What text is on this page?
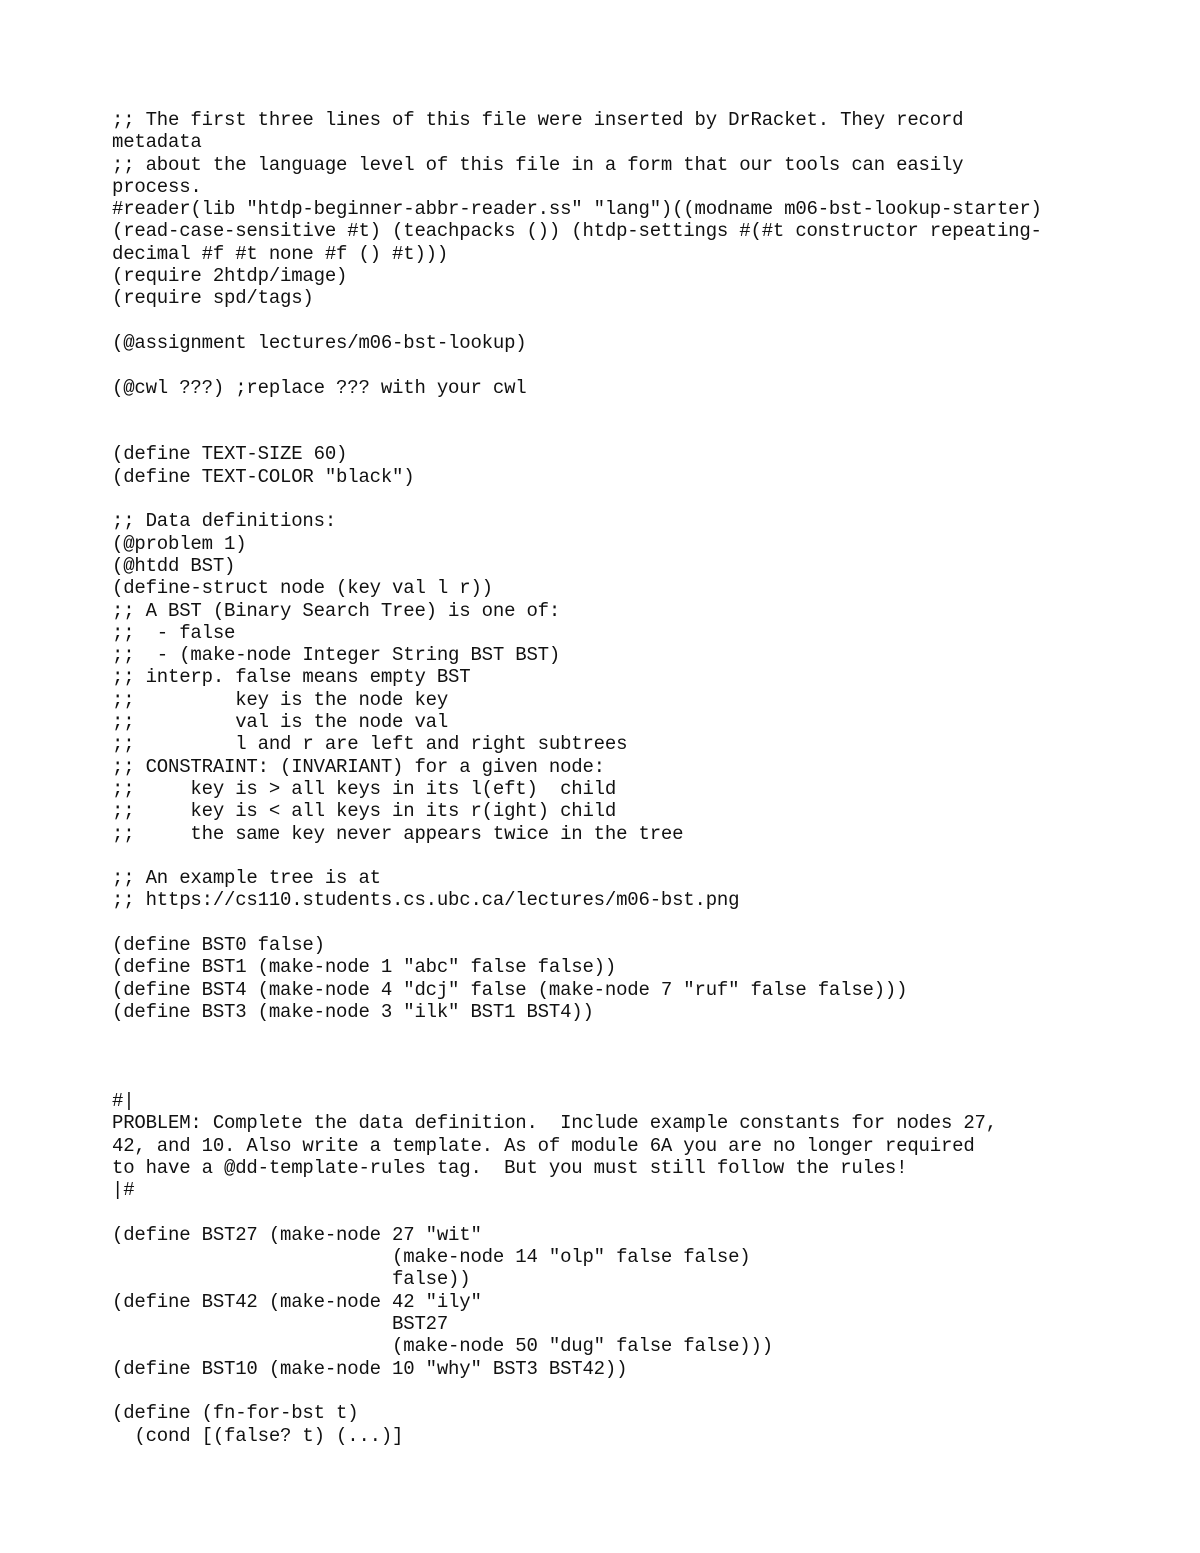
;; The first three lines of this file were inserted by DrRacket. They record
metadata
;; about the language level of this file in a form that our tools can easily
process.
#reader(lib "htdp-beginner-abbr-reader.ss" "lang")((modname m06-bst-lookup-starter)
(read-case-sensitive #t) (teachpacks ()) (htdp-settings #(#t constructor repeating-
decimal #f #t none #f () #t)))
(require 2htdp/image)
(require spd/tags)
(@assignment lectures/m06-bst-lookup)
(@cwl ???) ;replace ??? with your cwl
(define TEXT-SIZE 60)
(define TEXT-COLOR "black")
;; Data definitions:
(@problem 1)
(@htdd BST)
(define-struct node (key val l r))
;; A BST (Binary Search Tree) is one of:
;;  - false
;;  - (make-node Integer String BST BST)
;; interp. false means empty BST
;;         key is the node key
;;         val is the node val
;;         l and r are left and right subtrees
;; CONSTRAINT: (INVARIANT) for a given node:
;;     key is > all keys in its l(eft)  child
;;     key is < all keys in its r(ight) child
;;     the same key never appears twice in the tree
;; An example tree is at
;; https://cs110.students.cs.ubc.ca/lectures/m06-bst.png
(define BST0 false)
(define BST1 (make-node 1 "abc" false false))
(define BST4 (make-node 4 "dcj" false (make-node 7 "ruf" false false)))
(define BST3 (make-node 3 "ilk" BST1 BST4))
#|
PROBLEM: Complete the data definition.  Include example constants for nodes 27,
42, and 10. Also write a template. As of module 6A you are no longer required
to have a @dd-template-rules tag.  But you must still follow the rules!
|#
(define BST27 (make-node 27 "wit"
(make-node 14 "olp" false false)
false))
(define BST42 (make-node 42 "ily"
BST27
(make-node 50 "dug" false false)))
(define BST10 (make-node 10 "why" BST3 BST42))
(define (fn-for-bst t)
(cond [(false? t) (...)]
